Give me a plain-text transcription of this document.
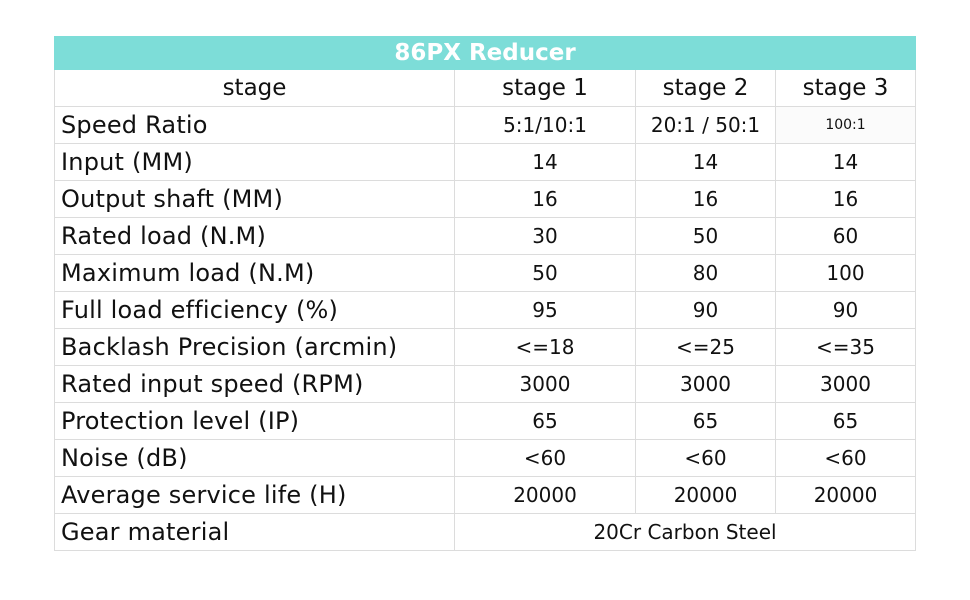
86PX Reducer			
stage	stage 1	stage 2	stage 3
Speed Ratio	5:1/10:1	20:1 / 50:1	100:1
Input (MM)	14	14	14
Output shaft (MM)	16	16	16
Rated load (N.M)	30	50	60
Maximum load (N.M)	50	80	100
Full load efficiency (%)	95	90	90
Backlash Precision (arcmin)	<=18	<=25	<=35
Rated input speed (RPM)	3000	3000	3000
Protection level (IP)	65	65	65
Noise (dB)	<60	<60	<60
Average service life (H)	20000	20000	20000
Gear material	20Cr Carbon Steel		
